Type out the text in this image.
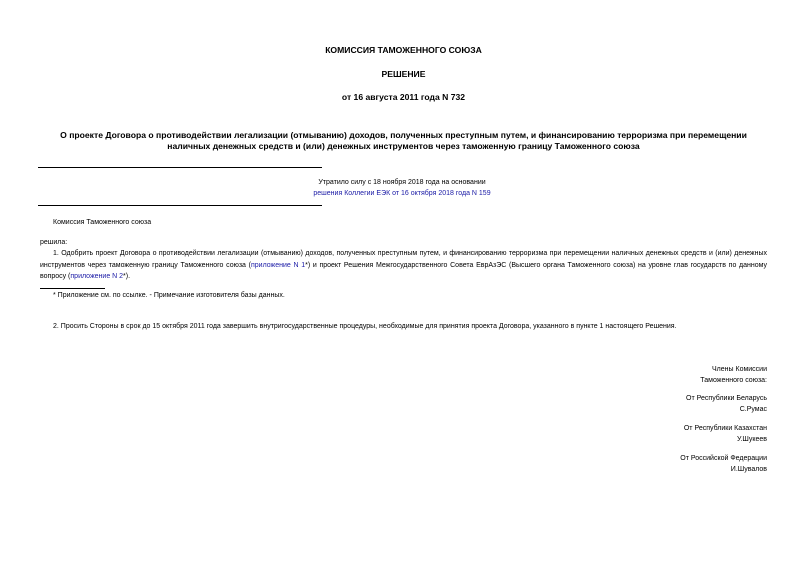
КОМИССИЯ ТАМОЖЕННОГО СОЮЗА
РЕШЕНИЕ
от 16 августа 2011 года N 732
О проекте Договора о противодействии легализации (отмыванию) доходов, полученных преступным путем, и финансированию терроризма при перемещении наличных денежных средств и (или) денежных инструментов через таможенную границу Таможенного союза
Утратило силу с 18 ноября 2018 года на основании
решения Коллегии ЕЭК от 16 октября 2018 года N 159
Комиссия Таможенного союза
решила:
1. Одобрить проект Договора о противодействии легализации (отмыванию) доходов, полученных преступным путем, и финансированию терроризма при перемещении наличных денежных средств и (или) денежных инструментов через таможенную границу Таможенного союза (приложение N 1*) и проект Решения Межгосударственного Совета ЕврАзЭС (Высшего органа Таможенного союза) на уровне глав государств по данному вопросу (приложение N 2*).
* Приложение см. по ссылке. - Примечание изготовителя базы данных.
2. Просить Стороны в срок до 15 октября 2011 года завершить внутригосударственные процедуры, необходимые для принятия проекта Договора, указанного в пункте 1 настоящего Решения.
Члены Комиссии
Таможенного союза:
От Республики Беларусь
С.Румас
От Республики Казахстан
У.Шукеев
От Российской Федерации
И.Шувалов
